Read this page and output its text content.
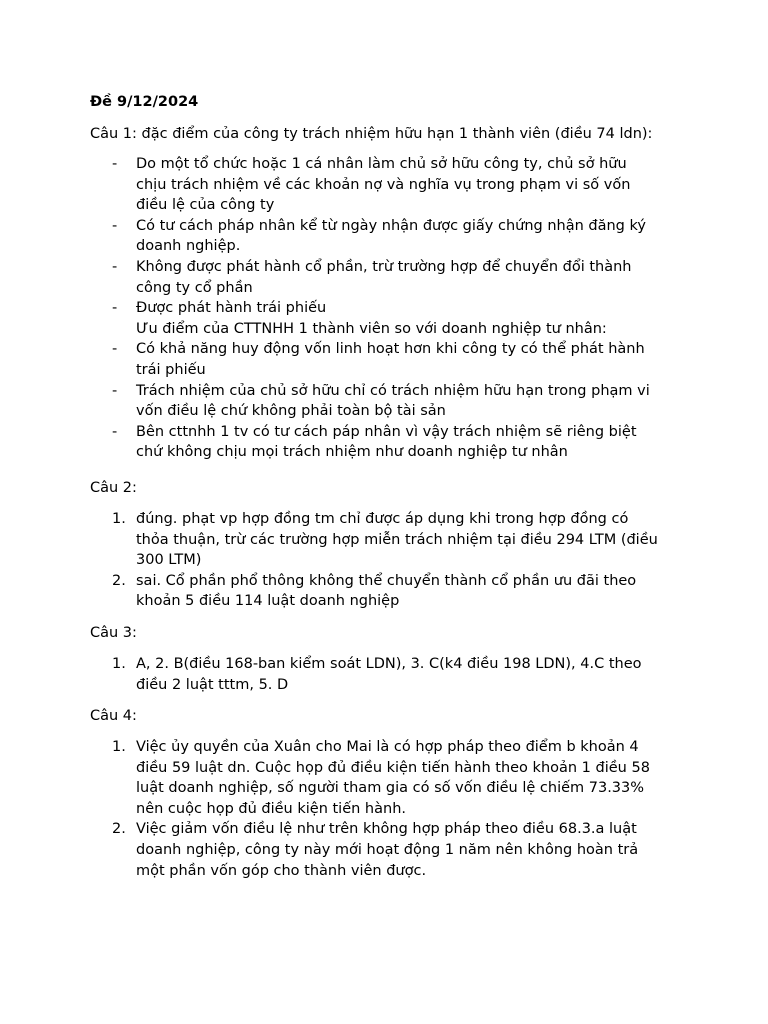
Đề 9/12/2024
Câu 1: đặc điểm của công ty trách nhiệm hữu hạn 1 thành viên (điều 74 ldn):
- Do một tổ chức hoặc 1 cá nhân làm chủ sở hữu công ty, chủ sở hữu
chịu trách nhiệm về các khoản nợ và nghĩa vụ trong phạm vi số vốn
điều lệ của công ty
- Có tư cách pháp nhân kể từ ngày nhận được giấy chứng nhận đăng ký
doanh nghiệp.
- Không được phát hành cổ phần, trừ trường hợp để chuyển đổi thành
công ty cổ phần
- Được phát hành trái phiếu
Ưu điểm của CTTNHH 1 thành viên so với doanh nghiệp tư nhân:
- Có khả năng huy động vốn linh hoạt hơn khi công ty có thể phát hành
trái phiếu
- Trách nhiệm của chủ sở hữu chỉ có trách nhiệm hữu hạn trong phạm vi
vốn điều lệ chứ không phải toàn bộ tài sản
- Bên cttnhh 1 tv có tư cách páp nhân vì vậy trách nhiệm sẽ riêng biệt
chứ không chịu mọi trách nhiệm như doanh nghiệp tư nhân
Câu 2:
1. đúng. phạt vp hợp đồng tm chỉ được áp dụng khi trong hợp đồng có
thỏa thuận, trừ các trường hợp miễn trách nhiệm tại điều 294 LTM (điều
300 LTM)
2. sai. Cổ phần phổ thông không thể chuyển thành cổ phần ưu đãi theo
khoản 5 điều 114 luật doanh nghiệp
Câu 3:
1. A, 2. B(điều 168-ban kiểm soát LDN), 3. C(k4 điều 198 LDN), 4.C theo
điều 2 luật tttm, 5. D
Câu 4:
1. Việc ủy quyền của Xuân cho Mai là có hợp pháp theo điểm b khoản 4
điều 59 luật dn. Cuộc họp đủ điều kiện tiến hành theo khoản 1 điều 58
luật doanh nghiệp, số người tham gia có số vốn điều lệ chiếm 73.33%
nên cuộc họp đủ điều kiện tiến hành.
2. Việc giảm vốn điều lệ như trên không hợp pháp theo điều 68.3.a luật
doanh nghiệp, công ty này mới hoạt động 1 năm nên không hoàn trả
một phần vốn góp cho thành viên được.
